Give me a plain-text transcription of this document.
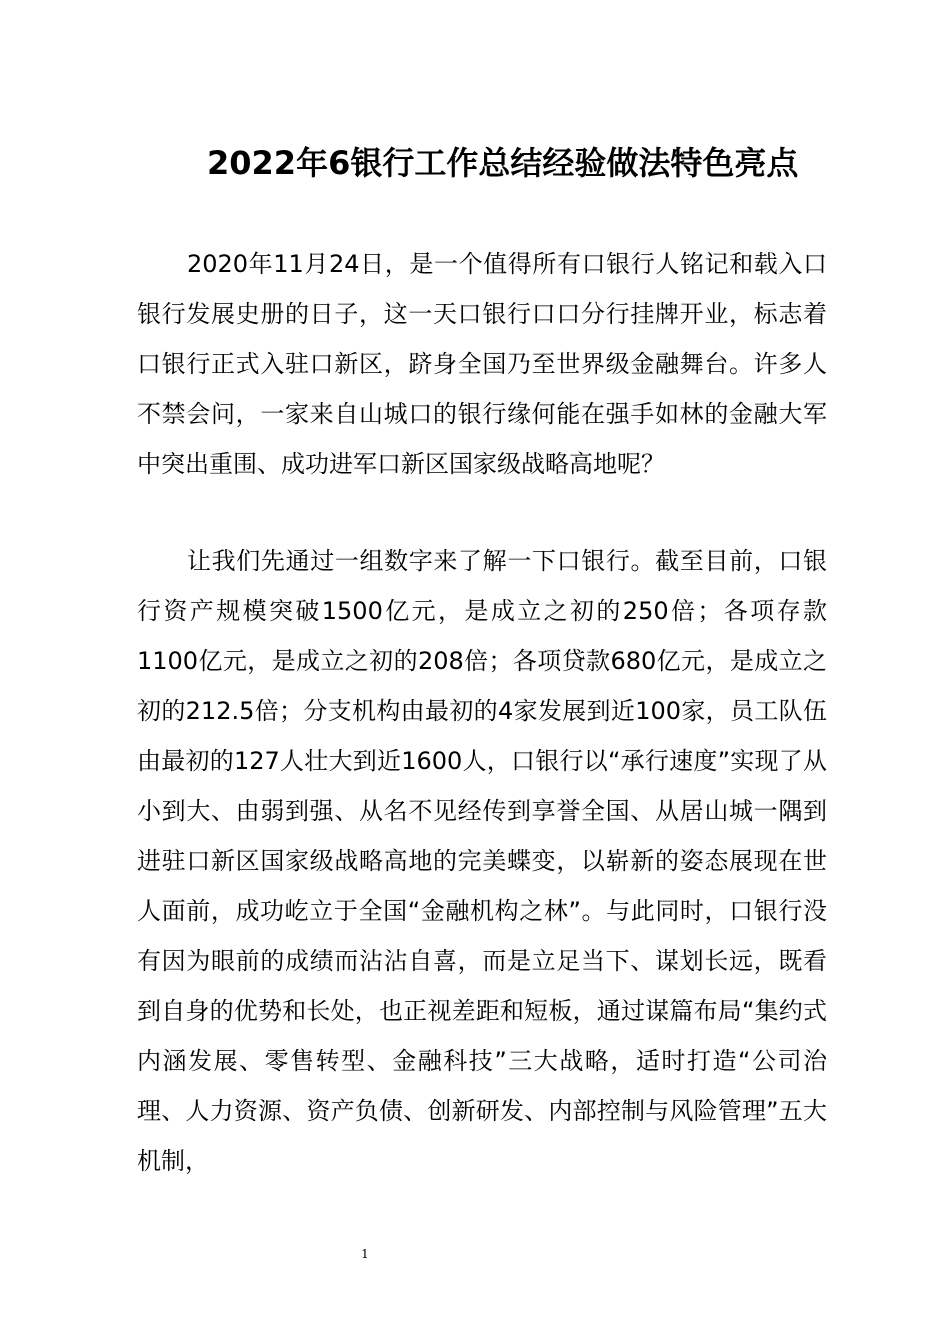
2022年6银行工作总结经验做法特色亮点

2020年11月24日，是一个值得所有口银行人铭记和载入口银行发展史册的日子，这一天口银行口口分行挂牌开业，标志着口银行正式入驻口新区，跻身全国乃至世界级金融舞台。许多人不禁会问，一家来自山城口的银行缘何能在强手如林的金融大军中突出重围、成功进军口新区国家级战略高地呢？

让我们先通过一组数字来了解一下口银行。截至目前，口银行资产规模突破1500亿元，是成立之初的250倍；各项存款1100亿元，是成立之初的208倍；各项贷款680亿元，是成立之初的212.5倍；分支机构由最初的4家发展到近100家，员工队伍由最初的127人壮大到近1600人，口银行以“承行速度”实现了从小到大、由弱到强、从名不见经传到享誉全国、从居山城一隅到进驻口新区国家级战略高地的完美蝶变，以崭新的姿态展现在世人面前，成功屹立于全国“金融机构之林”。与此同时，口银行没有因为眼前的成绩而沾沾自喜，而是立足当下、谋划长远，既看到自身的优势和长处，也正视差距和短板，通过谋篇布局“集约式内涵发展、零售转型、金融科技”三大战略，适时打造“公司治理、人力资源、资产负债、创新研发、内部控制与风险管理”五大机制，

1
